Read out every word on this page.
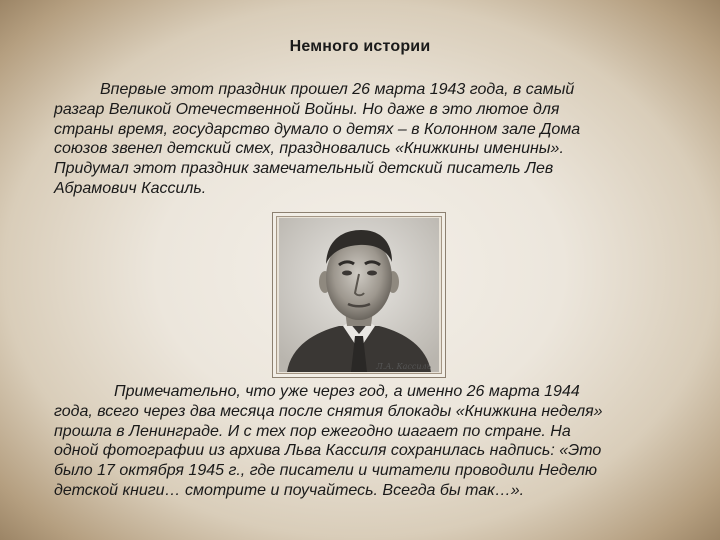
Немного истории

Впервые этот праздник прошел 26 марта 1943 года, в самый
разгар Великой Отечественной Войны. Но даже в это лютое для
страны время, государство думало о детях – в Колонном зале Дома
союзов звенел детский смех, праздновались «Книжкины именины».
Придумал этот праздник замечательный детский писатель Лев
Абрамович Кассиль.

Л.А. Кассиль

Примечательно, что уже через год, а именно 26 марта 1944
года, всего через два месяца после снятия блокады «Книжкина неделя»
прошла в Ленинграде. И с тех пор ежегодно шагает по стране. На
одной фотографии из архива Льва Кассиля сохранилась надпись: «Это
было 17 октября 1945 г., где писатели и читатели проводили Неделю
детской книги… смотрите и поучайтесь. Всегда бы так…».
